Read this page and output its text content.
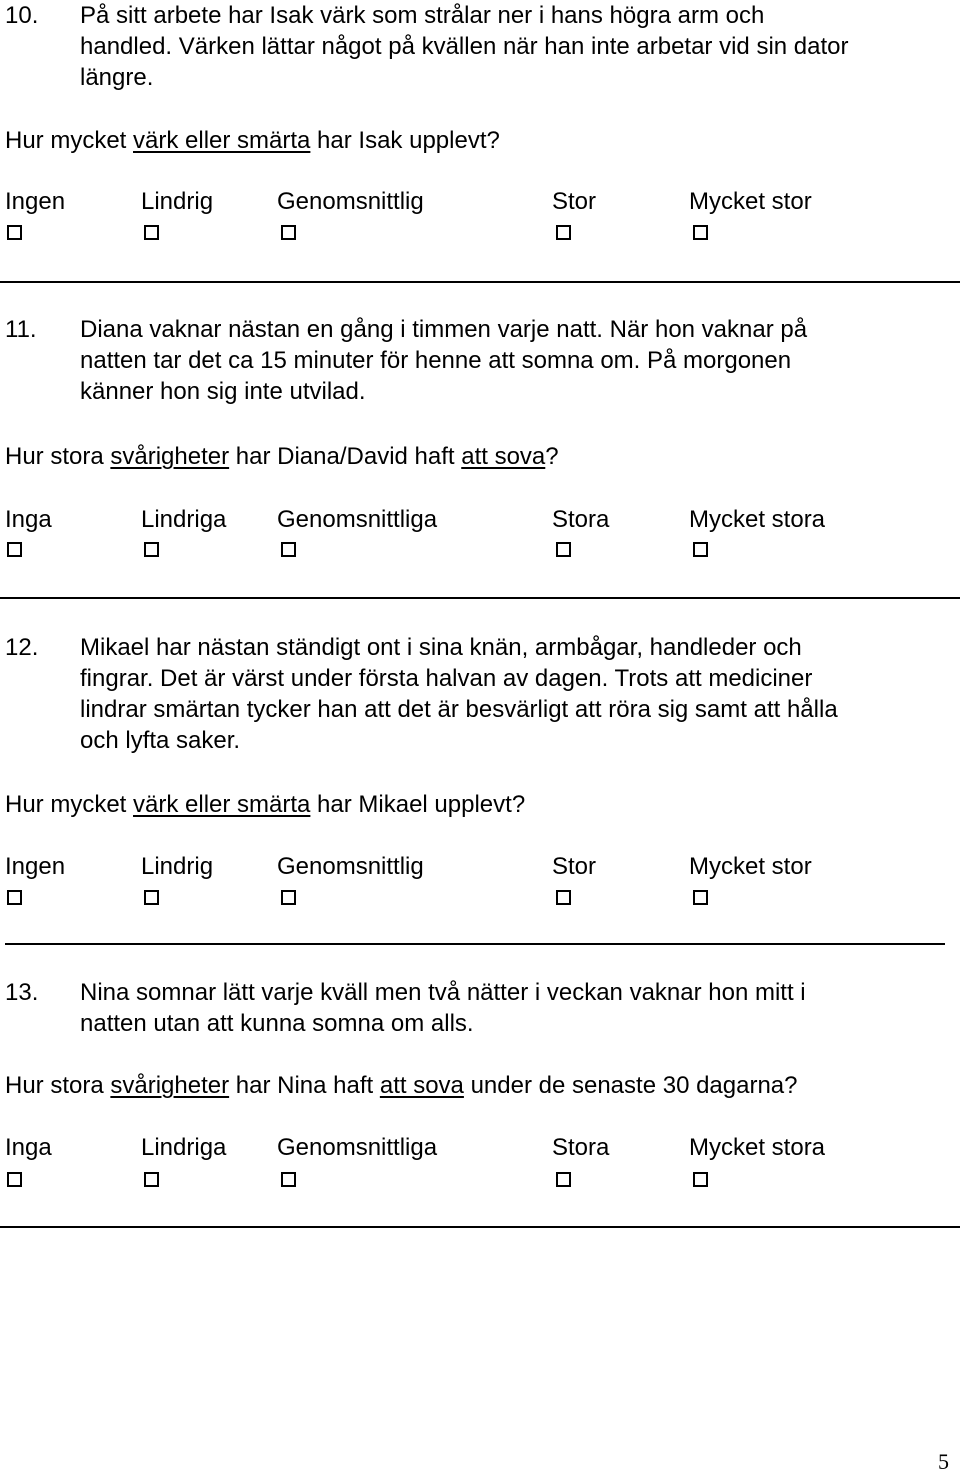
10. På sitt arbete har Isak värk som strålar ner i hans högra arm och
handled. Värken lättar något på kvällen när han inte arbetar vid sin dator
längre.
Hur mycket värk eller smärta har Isak upplevt?
Ingen	Lindrig	Genomsnittlig	Stor	Mycket stor
11. Diana vaknar nästan en gång i timmen varje natt. När hon vaknar på
natten tar det ca 15 minuter för henne att somna om. På morgonen
känner hon sig inte utvilad.
Hur stora svårigheter har Diana/David haft att sova?
Inga	Lindriga Genomsnittliga	Stora	Mycket stora
12. Mikael har nästan ständigt ont i sina knän, armbågar, handleder och
fingrar. Det är värst under första halvan av dagen. Trots att mediciner
lindrar smärtan tycker han att det är besvärligt att röra sig samt att hålla
och lyfta saker.
Hur mycket värk eller smärta har Mikael upplevt?
Ingen	Lindrig	Genomsnittlig	Stor	Mycket stor
13. Nina somnar lätt varje kväll men två nätter i veckan vaknar hon mitt i
natten utan att kunna somna om alls.
Hur stora svårigheter har Nina haft att sova under de senaste 30 dagarna?
Inga	Lindriga Genomsnittliga	Stora	Mycket stora
5
